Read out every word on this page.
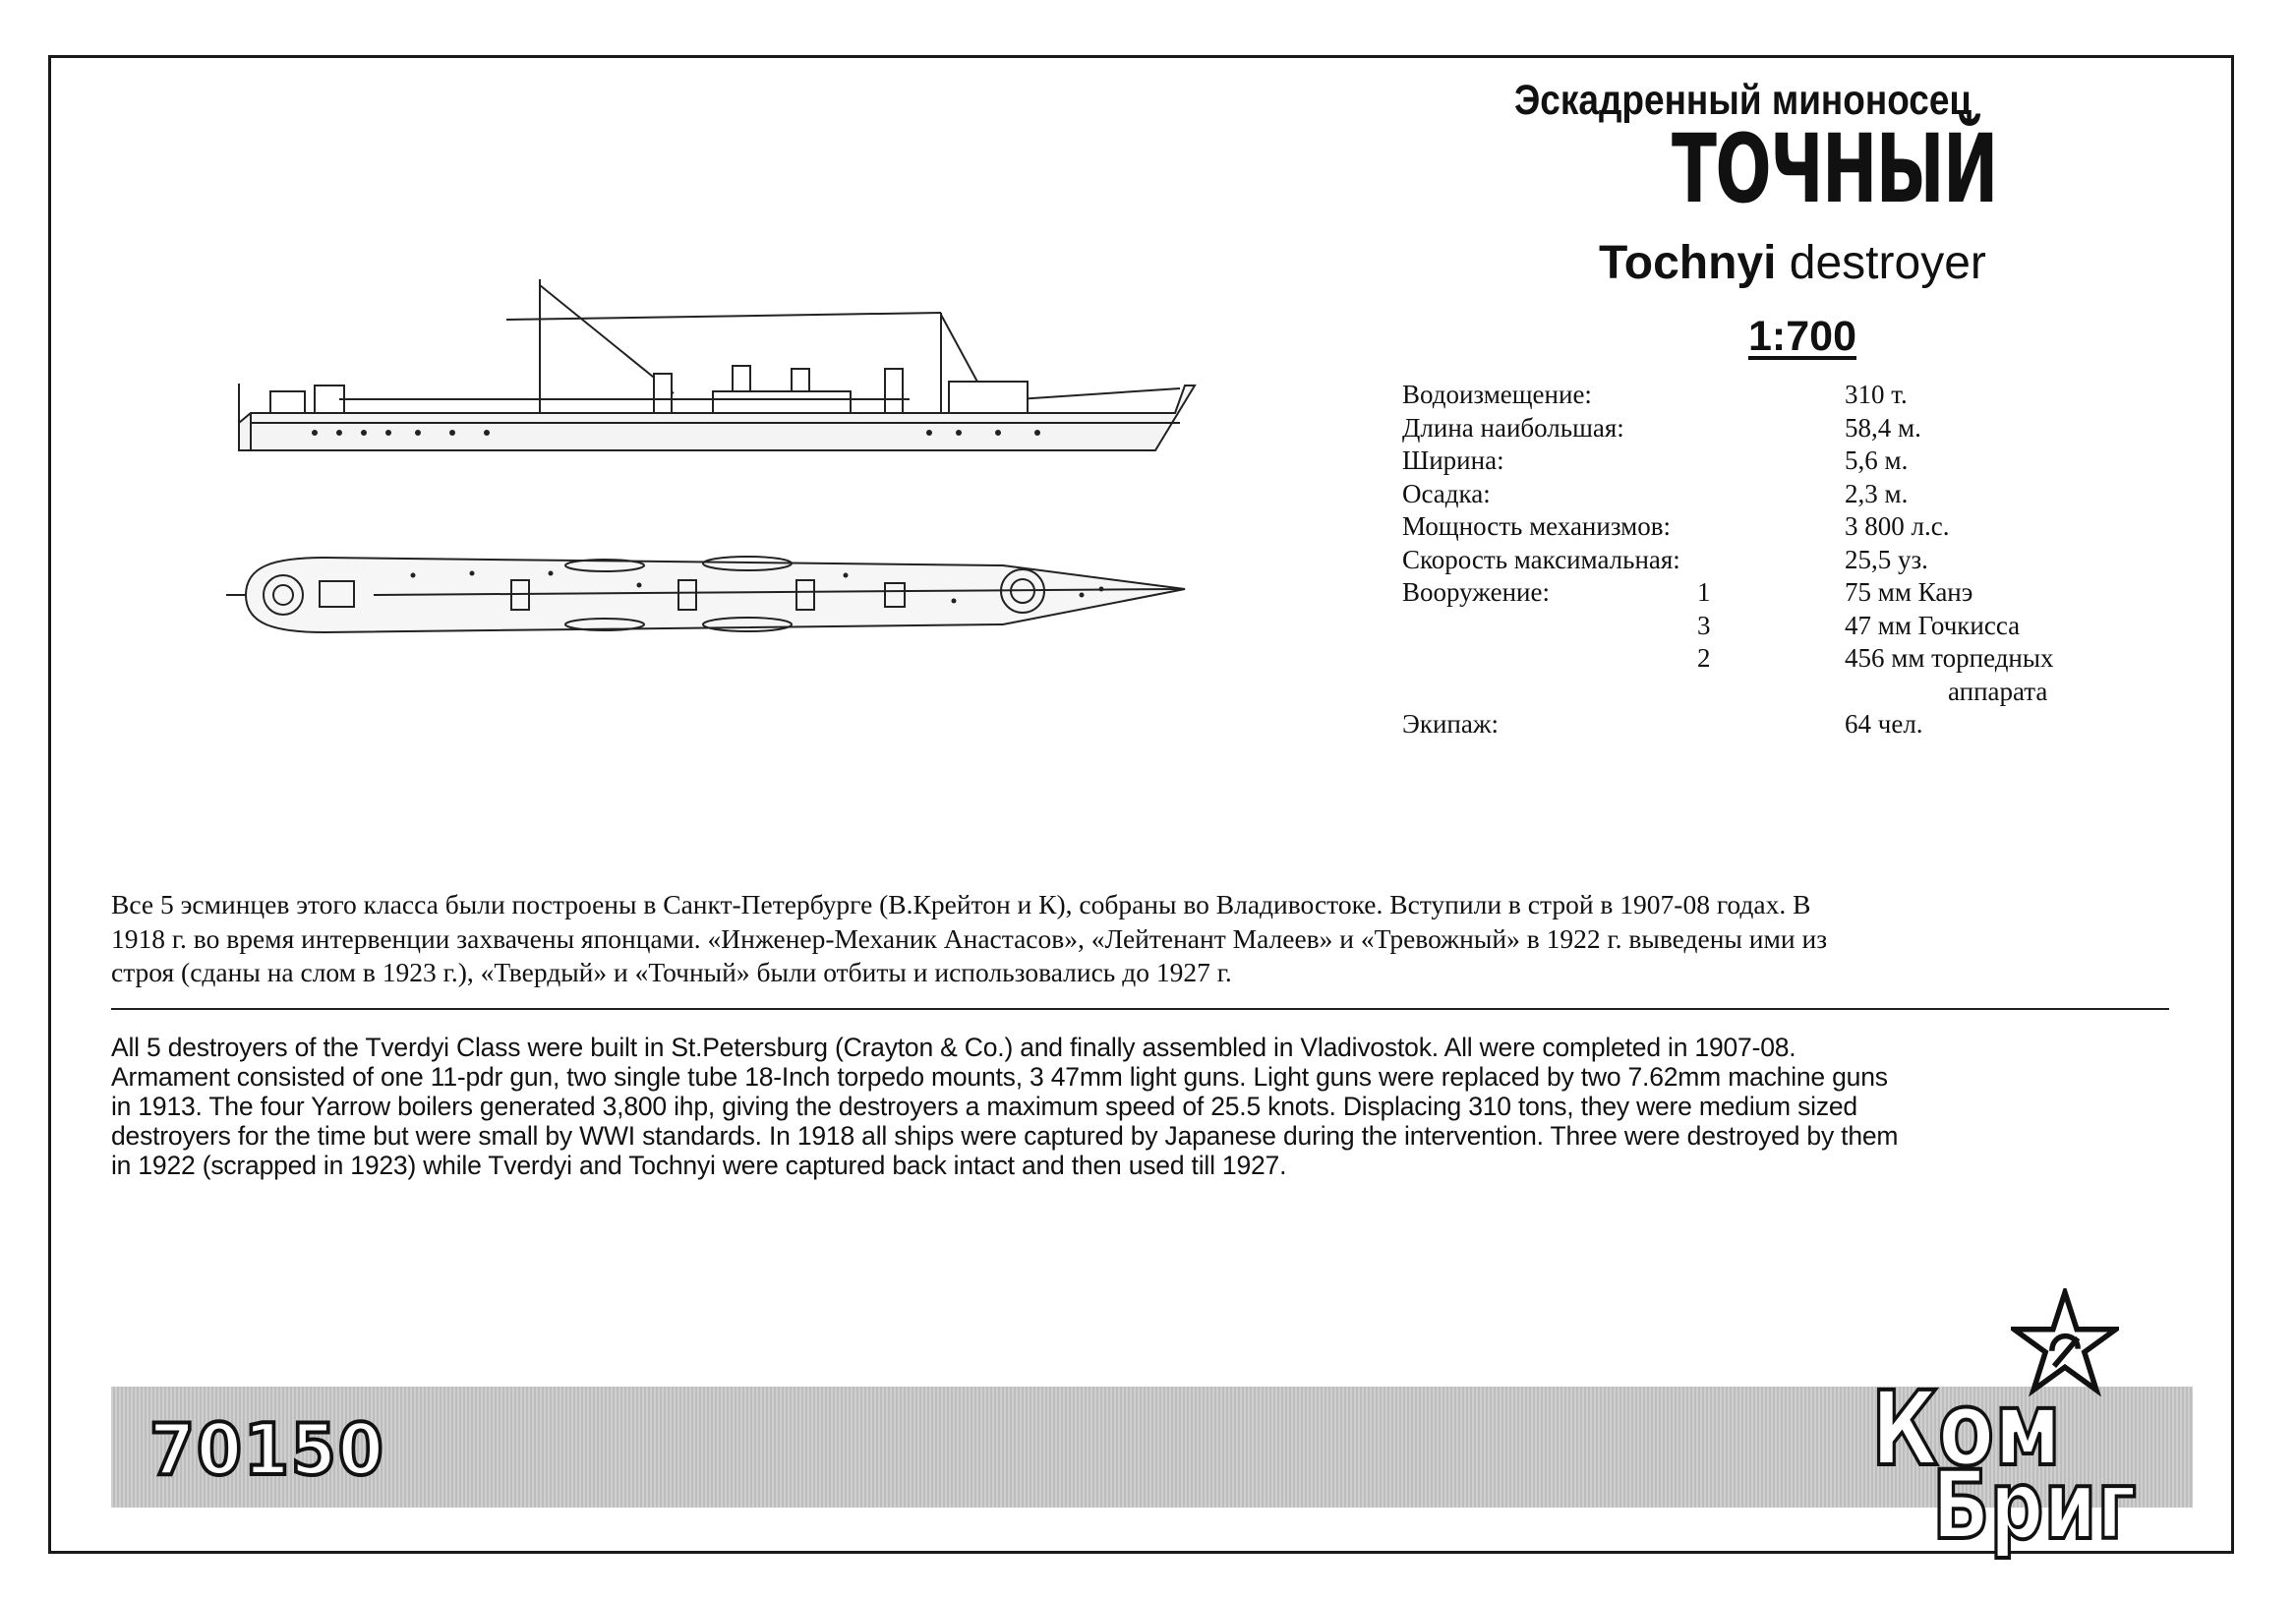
Эскадренный миноносец
ТОЧНЫЙ
Tochnyi destroyer
1:700
Водоизмещение:	310 т.
Длина наибольшая:	58,4 м.
Ширина:	5,6 м.
Осадка:	2,3 м.
Мощность механизмов:	3 800 л.с.
Скорость максимальная:	25,5 уз.
Вооружение:	1	75 мм Канэ
3	47 мм Гочкисса
2	456 мм торпедных
аппарата
Экипаж:	64 чел.
Все 5 эсминцев этого класса были построены в Санкт-Петербурге (В.Крейтон и К), собраны во Владивостоке. Вступили в строй в 1907-08 годах. В
1918 г. во время интервенции захвачены японцами. «Инженер-Механик Анастасов», «Лейтенант Малеев» и «Тревожный» в 1922 г. выведены ими из
строя (сданы на слом в 1923 г.), «Твердый» и «Точный» были отбиты и использовались до 1927 г.
All 5 destroyers of the Tverdyi Class were built in St.Petersburg (Crayton & Co.) and finally assembled in Vladivostok. All were completed in 1907-08.
Armament consisted of one 11-pdr gun, two single tube 18-Inch torpedo mounts, 3 47mm light guns. Light guns were replaced by two 7.62mm machine guns
in 1913. The four Yarrow boilers generated 3,800 ihp, giving the destroyers a maximum speed of 25.5 knots. Displacing 310 tons, they were medium sized
destroyers for the time but were small by WWI standards. In 1918 all ships were captured by Japanese during the intervention. Three were destroyed by them
in 1922 (scrapped in 1923) while Tverdyi and Tochnyi were captured back intact and then used till 1927.
70150	Ком
Бриг
